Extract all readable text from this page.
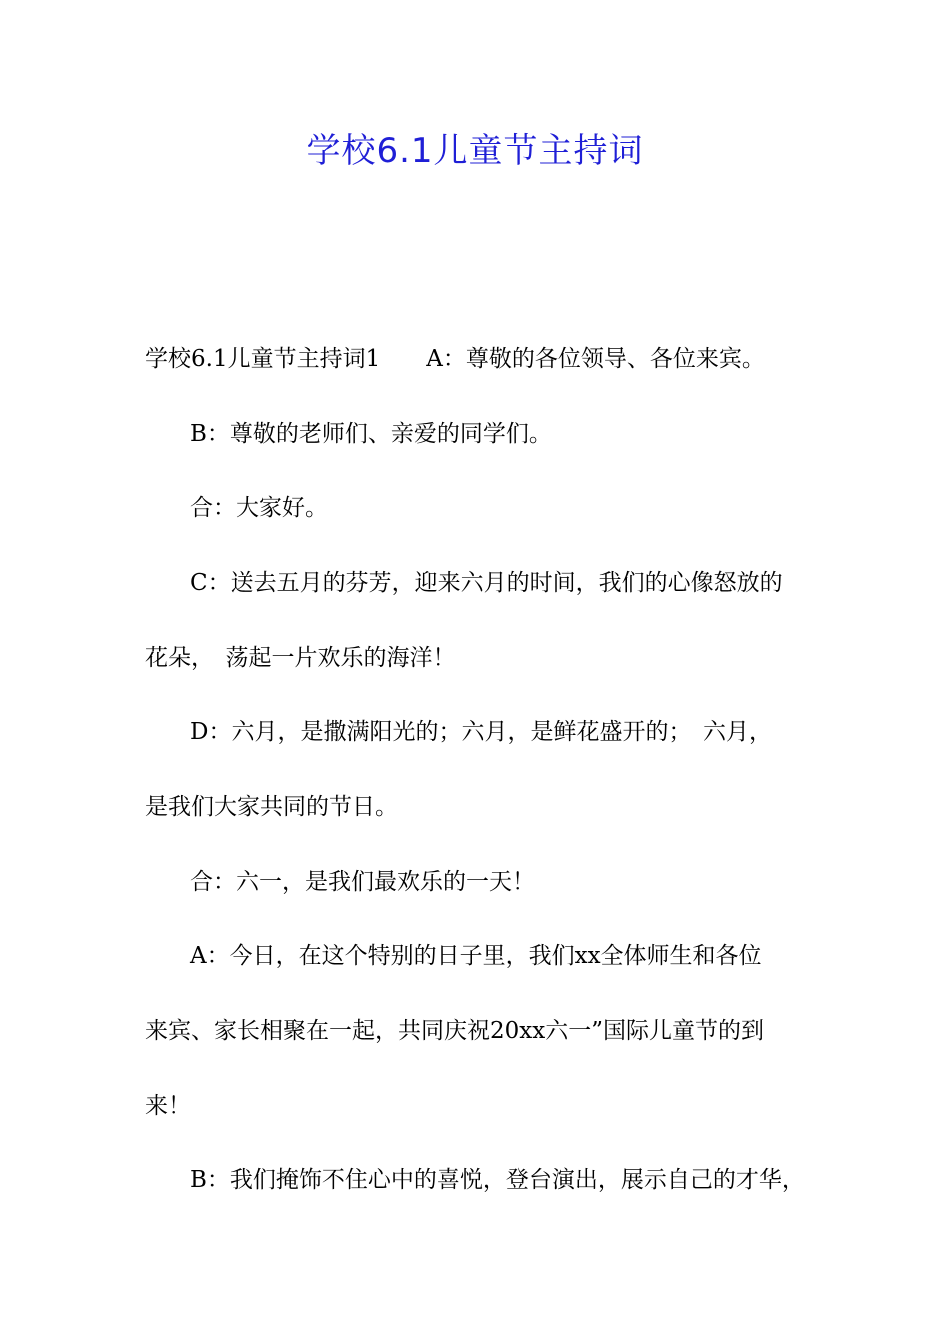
学校6.1儿童节主持词
学校6.1儿童节主持词1　　A：尊敬的各位领导、各位来宾。
B：尊敬的老师们、亲爱的同学们。
合：大家好。
C：送去五月的芬芳，迎来六月的时间，我们的心像怒放的
花朵，　荡起一片欢乐的海洋！
D：六月，是撒满阳光的；六月，是鲜花盛开的；　六月，
是我们大家共同的节日。
合：六一，是我们最欢乐的一天！
A：今日，在这个特别的日子里，我们xx全体师生和各位
来宾、家长相聚在一起，共同庆祝20xx六一”国际儿童节的到
来！
B：我们掩饰不住心中的喜悦，登台演出，展示自己的才华，
